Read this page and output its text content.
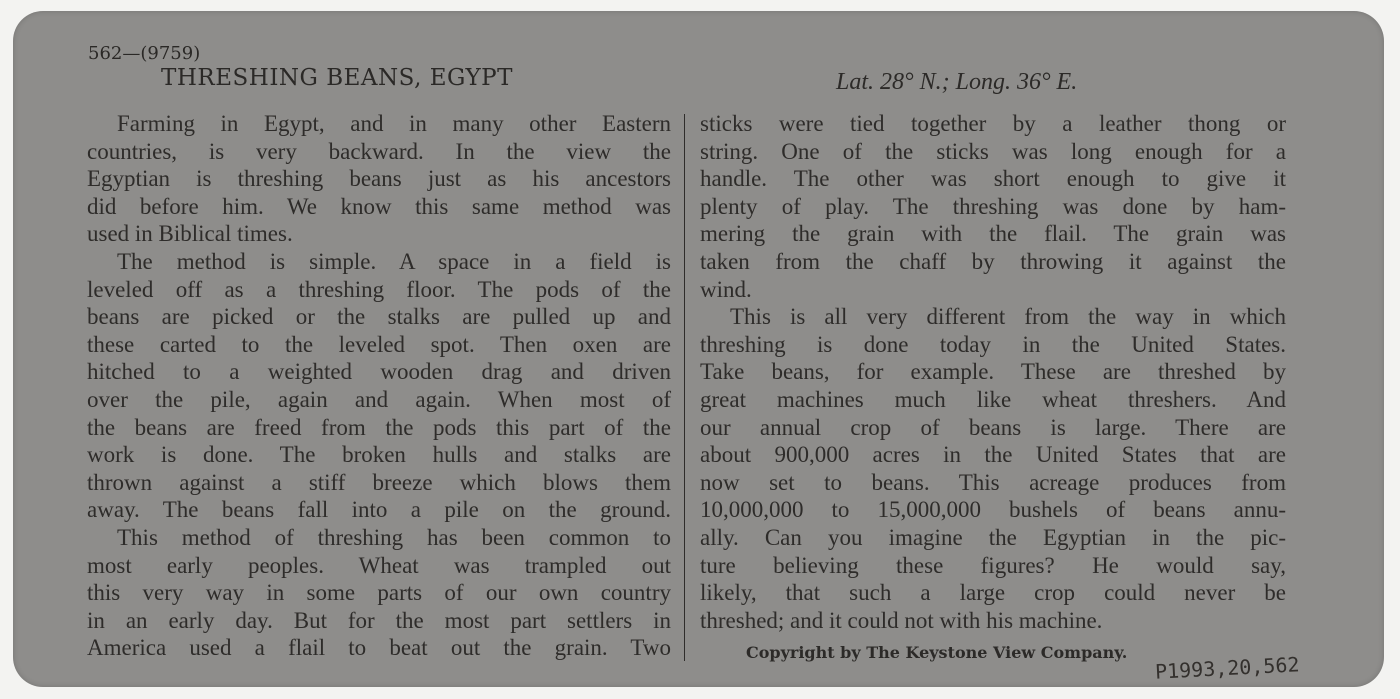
562—(9759)
THRESHING BEANS, EGYPT	Lat. 28° N.; Long. 36° E.
Farming in Egypt, and in many other Eastern
countries, is very backward. In the view the
Egyptian is threshing beans just as his ancestors
did before him. We know this same method was
used in Biblical times.
The method is simple. A space in a field is
leveled off as a threshing floor. The pods of the
beans are picked or the stalks are pulled up and
these carted to the leveled spot. Then oxen are
hitched to a weighted wooden drag and driven
over the pile, again and again. When most of
the beans are freed from the pods this part of the
work is done. The broken hulls and stalks are
thrown against a stiff breeze which blows them
away. The beans fall into a pile on the ground.
This method of threshing has been common to
most early peoples. Wheat was trampled out
this very way in some parts of our own country
in an early day. But for the most part settlers in
America used a flail to beat out the grain. Two
sticks were tied together by a leather thong or
string. One of the sticks was long enough for a
handle. The other was short enough to give it
plenty of play. The threshing was done by ham-
mering the grain with the flail. The grain was
taken from the chaff by throwing it against the
wind.
This is all very different from the way in which
threshing is done today in the United States.
Take beans, for example. These are threshed by
great machines much like wheat threshers. And
our annual crop of beans is large. There are
about 900,000 acres in the United States that are
now set to beans. This acreage produces from
10,000,000 to 15,000,000 bushels of beans annu-
ally. Can you imagine the Egyptian in the pic-
ture believing these figures? He would say,
likely, that such a large crop could never be
threshed; and it could not with his machine.
Copyright by The Keystone View Company. P1993,20,562
